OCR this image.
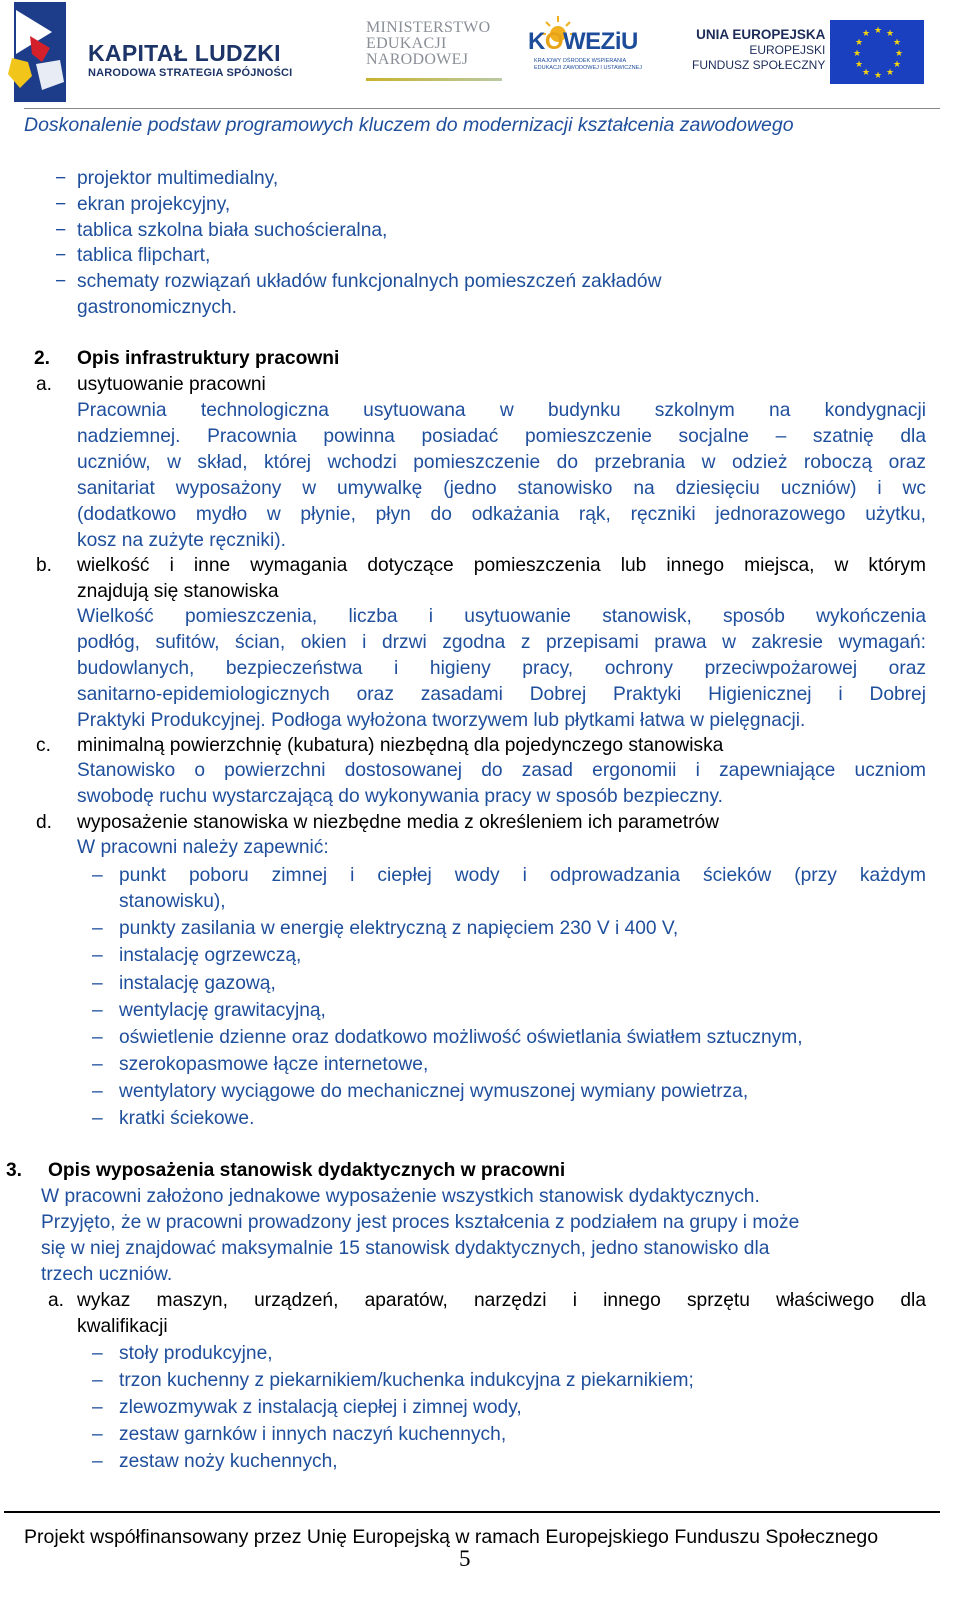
KAPITAŁ LUDZKI
NARODOWA STRATEGIA SPÓJNOŚCI
MINISTERSTWO
EDUKACJI
NARODOWEJ
KOWEZiU
KRAJOWY OŚRODEK WSPIERANIA EDUKACJI ZAWODOWEJ I USTAWICZNEJ
UNIA EUROPEJSKA
EUROPEJSKI
FUNDUSZ SPOŁECZNY
★ ★
★
★
★
★
★
★
★
★
★
★
Doskonalenie podstaw programowych kluczem do modernizacji kształcenia zawodowego
− projektor multimedialny,
− ekran projekcyjny,
− tablica szkolna biała suchościeralna,
− tablica flipchart,
− schematy rozwiązań układów funkcjonalnych pomieszczeń zakładów
gastronomicznych.
2. Opis infrastruktury pracowni
a. usytuowanie pracowni
Pracownia technologiczna usytuowana w budynku szkolnym na kondygnacji
nadziemnej. Pracownia powinna posiadać pomieszczenie socjalne – szatnię dla
uczniów, w skład, której wchodzi pomieszczenie do przebrania w odzież roboczą oraz
sanitariat wyposażony w umywalkę (jedno stanowisko na dziesięciu uczniów) i wc
(dodatkowo mydło w płynie, płyn do odkażania rąk, ręczniki jednorazowego użytku,
kosz na zużyte ręczniki).
b. wielkość i inne wymagania dotyczące pomieszczenia lub innego miejsca, w którym
znajdują się stanowiska
Wielkość pomieszczenia, liczba i usytuowanie stanowisk, sposób wykończenia
podłóg, sufitów, ścian, okien i drzwi zgodna z przepisami prawa w zakresie wymagań:
budowlanych, bezpieczeństwa i higieny pracy, ochrony przeciwpożarowej oraz
sanitarno-epidemiologicznych oraz zasadami Dobrej Praktyki Higienicznej i Dobrej
Praktyki Produkcyjnej. Podłoga wyłożona tworzywem lub płytkami łatwa w pielęgnacji.
c. minimalną powierzchnię (kubatura) niezbędną dla pojedynczego stanowiska
Stanowisko o powierzchni dostosowanej do zasad ergonomii i zapewniające uczniom
swobodę ruchu wystarczającą do wykonywania pracy w sposób bezpieczny.
d. wyposażenie stanowiska w niezbędne media z określeniem ich parametrów
W pracowni należy zapewnić:
– punkt poboru zimnej i ciepłej wody i odprowadzania ścieków (przy każdym
stanowisku),
– punkty zasilania w energię elektryczną z napięciem 230 V i 400 V,
– instalację ogrzewczą,
– instalację gazową,
– wentylację grawitacyjną,
– oświetlenie dzienne oraz dodatkowo możliwość oświetlania światłem sztucznym,
– szerokopasmowe łącze internetowe,
– wentylatory wyciągowe do mechanicznej wymuszonej wymiany powietrza,
– kratki ściekowe.
3. Opis wyposażenia stanowisk dydaktycznych w pracowni
W pracowni założono jednakowe wyposażenie wszystkich stanowisk dydaktycznych.
Przyjęto, że w pracowni prowadzony jest proces kształcenia z podziałem na grupy i może
się w niej znajdować maksymalnie 15 stanowisk dydaktycznych, jedno stanowisko dla
trzech uczniów.
a. wykaz maszyn, urządzeń, aparatów, narzędzi i innego sprzętu właściwego dla
kwalifikacji
– stoły produkcyjne,
– trzon kuchenny z piekarnikiem/kuchenka indukcyjna z piekarnikiem;
– zlewozmywak z instalacją ciepłej i zimnej wody,
– zestaw garnków i innych naczyń kuchennych,
– zestaw noży kuchennych,
Projekt współfinansowany przez Unię Europejską w ramach Europejskiego Funduszu Społecznego
5
